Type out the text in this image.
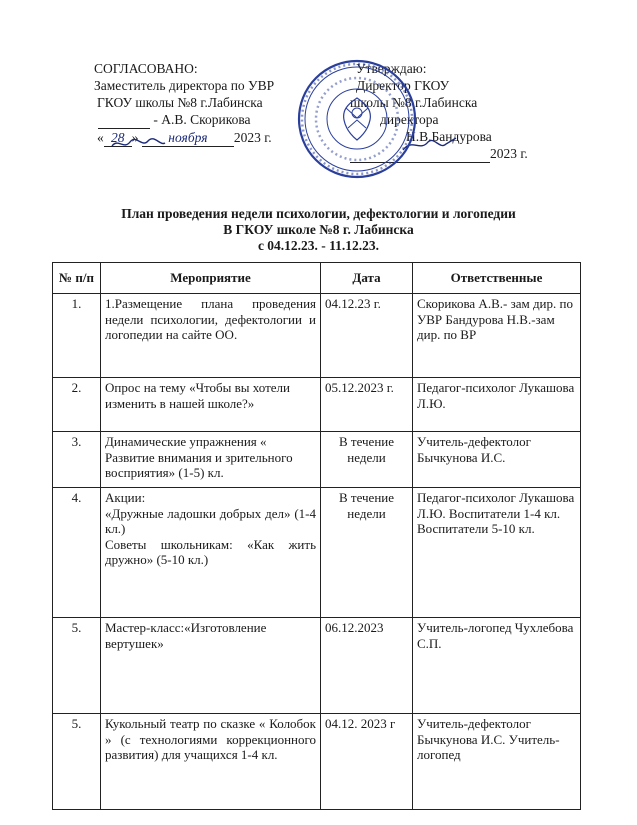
СОГЛАСОВАНО:
Заместитель директора по УВР
ГКОУ школы №8 г.Лабинска
- А.В. Скорикова
« 28 » ноября 2023 г.
Утверждаю:
Директор ГКОУ
школы №8 г.Лабинска
директора
Н.В.Бандурова
2023 г.
План проведения недели психологии, дефектологии и логопедии
В ГКОУ школе №8 г. Лабинска
с 04.12.23. - 11.12.23.
№ п/п	Мероприятие	Дата	Ответственные
1.	1.Размещение плана проведения недели психологии, дефектологии и логопедии на сайте ОО.	04.12.23 г.	Скорикова А.В.- зам дир. по УВР Бандурова Н.В.-зам дир. по ВР
2.	Опрос на тему «Чтобы вы хотели изменить в нашей школе?»	05.12.2023 г.	Педагог-психолог Лукашова Л.Ю.
3.	Динамические упражнения « Развитие внимания и зрительного восприятия» (1-5) кл.	В течение недели	Учитель-дефектолог Бычкунова И.С.
4.	Акции:
«Дружные ладошки добрых дел» (1-4 кл.)
Советы школьникам: «Как жить дружно» (5-10 кл.)	В течение недели	Педагог-психолог Лукашова Л.Ю. Воспитатели 1-4 кл. Воспитатели 5-10 кл.
5.	Мастер-класс:«Изготовление вертушек»	06.12.2023	Учитель-логопед Чухлебова С.П.
5.	Кукольный театр по сказке « Колобок » (с технологиями коррекционного развития) для учащихся 1-4 кл.	04.12. 2023 г	Учитель-дефектолог Бычкунова И.С. Учитель-логопед
